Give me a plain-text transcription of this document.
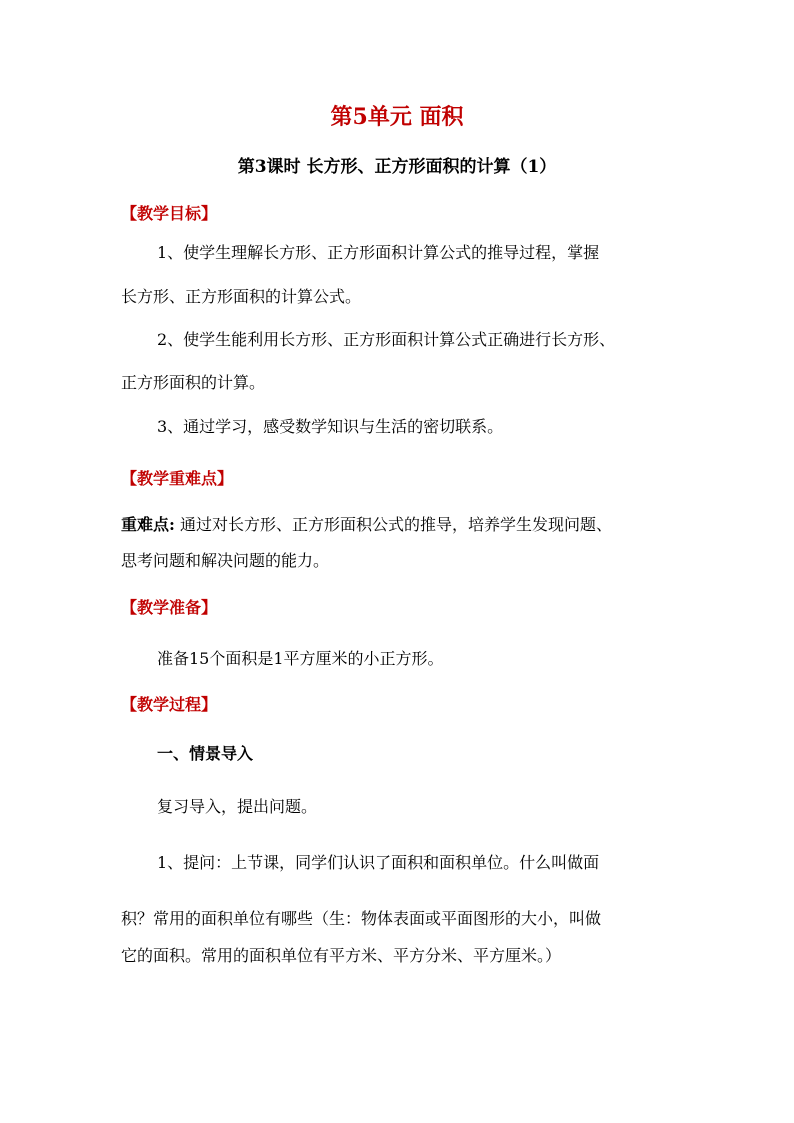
第5单元 面积
第3课时 长方形、正方形面积的计算（1）
【教学目标】
1、使学生理解长方形、正方形面积计算公式的推导过程，掌握
长方形、正方形面积的计算公式。
2、使学生能利用长方形、正方形面积计算公式正确进行长方形、
正方形面积的计算。
3、通过学习，感受数学知识与生活的密切联系。
【教学重难点】
重难点: 通过对长方形、正方形面积公式的推导，培养学生发现问题、
思考问题和解决问题的能力。
【教学准备】
准备15个面积是1平方厘米的小正方形。
【教学过程】
一、情景导入
复习导入，提出问题。
1、提问：上节课，同学们认识了面积和面积单位。什么叫做面
积？常用的面积单位有哪些（生：物体表面或平面图形的大小，叫做
它的面积。常用的面积单位有平方米、平方分米、平方厘米。）
